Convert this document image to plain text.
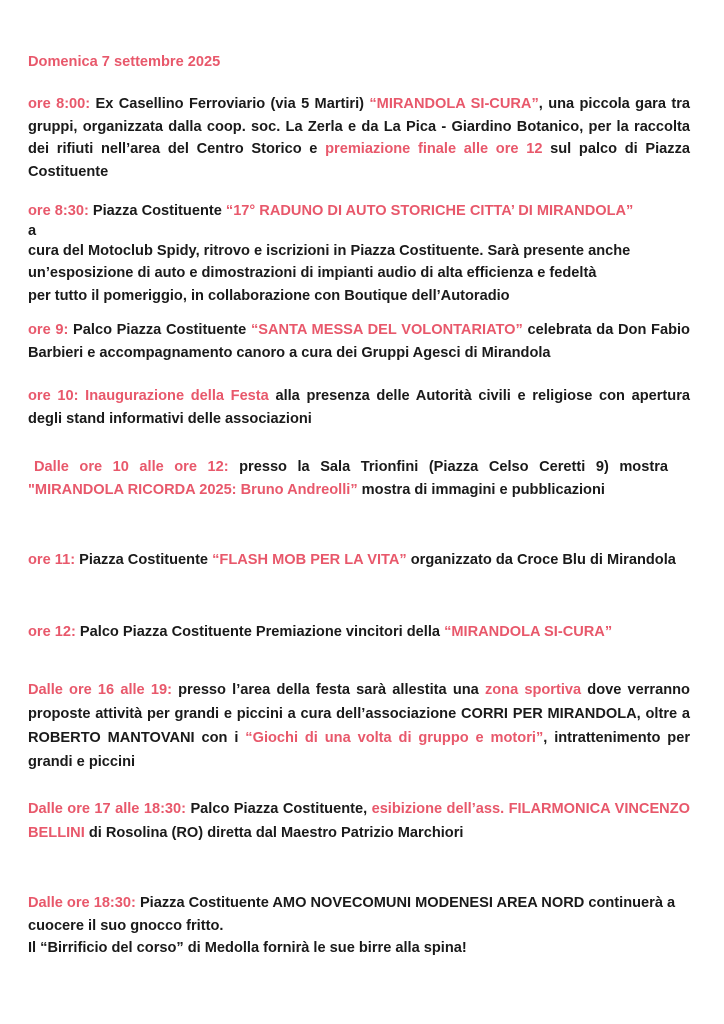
Domenica 7 settembre 2025
ore 8:00: Ex Casellino Ferroviario (via 5 Martiri) “MIRANDOLA SI-CURA”, una piccola gara tra gruppi, organizzata dalla coop. soc. La Zerla e da La Pica - Giardino Botanico, per la raccolta dei rifiuti nell’area del Centro Storico e premiazione finale alle ore 12 sul palco di Piazza Costituente

ore 8:30: Piazza Costituente “17° RADUNO DI AUTO STORICHE CITTA’ DI MIRANDOLA”

a

cura del Motoclub Spidy, ritrovo e iscrizioni in Piazza Costituente. Sarà presente anche

un’esposizione di auto e dimostrazioni di impianti audio di alta efficienza e fedeltà

per tutto il pomeriggio, in collaborazione con Boutique dell’Autoradio

ore 9: Palco Piazza Costituente “SANTA MESSA DEL VOLONTARIATO” celebrata da Don Fabio Barbieri e accompagnamento canoro a cura dei Gruppi Agesci di Mirandola
ore 10: Inaugurazione della Festa alla presenza delle Autorità civili e religiose con apertura degli stand informativi delle associazioni
Dalle ore 10 alle ore 12: presso la Sala Trionfini (Piazza Celso Ceretti 9) mostra "MIRANDOLA RICORDA 2025: Bruno Andreolli” mostra di immagini e pubblicazioni
ore 11: Piazza Costituente “FLASH MOB PER LA VITA” organizzato da Croce Blu di Mirandola
ore 12: Palco Piazza Costituente Premiazione vincitori della “MIRANDOLA SI-CURA”
Dalle ore 16 alle 19: presso l’area della festa sarà allestita una zona sportiva dove verranno proposte attività per grandi e piccini a cura dell’associazione CORRI PER MIRANDOLA, oltre a ROBERTO MANTOVANI con i “Giochi di una volta di gruppo e motori”, intrattenimento per grandi e piccini
Dalle ore 17 alle 18:30: Palco Piazza Costituente, esibizione dell’ass. FILARMONICA VINCENZO BELLINI di Rosolina (RO) diretta dal Maestro Patrizio Marchiori

Dalle ore 18:30: Piazza Costituente AMO NOVECOMUNI MODENESI AREA NORD continuerà a cuocere il suo gnocco fritto.

Il “Birrificio del corso” di Medolla fornirà le sue birre alla spina!
